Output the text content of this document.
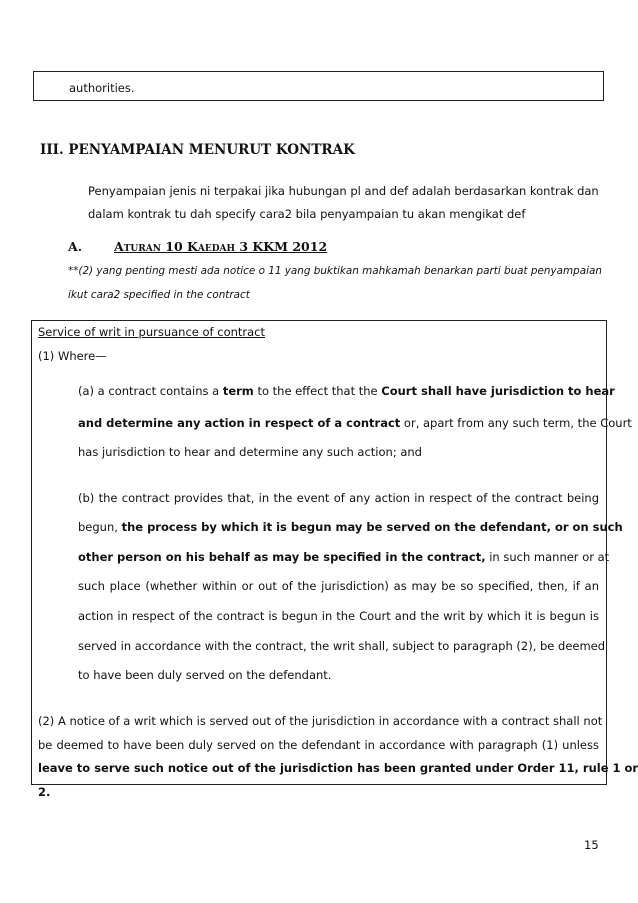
authorities.
III. PENYAMPAIAN MENURUT KONTRAK
Penyampaian jenis ni terpakai jika hubungan pl and def adalah berdasarkan kontrak dan
dalam kontrak tu dah specify cara2 bila penyampaian tu akan mengikat def
A.	Aturan 10 Kaedah 3 KKM 2012
**(2) yang penting mesti ada notice o 11 yang buktikan mahkamah benarkan parti buat penyampaian
ikut cara2 specified in the contract
Service of writ in pursuance of contract
(1) Where—
(a) a contract contains a term to the effect that the Court shall have jurisdiction to hear
and determine any action in respect of a contract or, apart from any such term, the Court
has jurisdiction to hear and determine any such action; and
(b) the contract provides that, in the event of any action in respect of the contract being
begun, the process by which it is begun may be served on the defendant, or on such
other person on his behalf as may be specified in the contract, in such manner or at
such place (whether within or out of the jurisdiction) as may be so specified, then, if an
action in respect of the contract is begun in the Court and the writ by which it is begun is
served in accordance with the contract, the writ shall, subject to paragraph (2), be deemed
to have been duly served on the defendant.
(2) A notice of a writ which is served out of the jurisdiction in accordance with a contract shall not
be deemed to have been duly served on the defendant in accordance with paragraph (1) unless
leave to serve such notice out of the jurisdiction has been granted under Order 11, rule 1 or
2.
15
